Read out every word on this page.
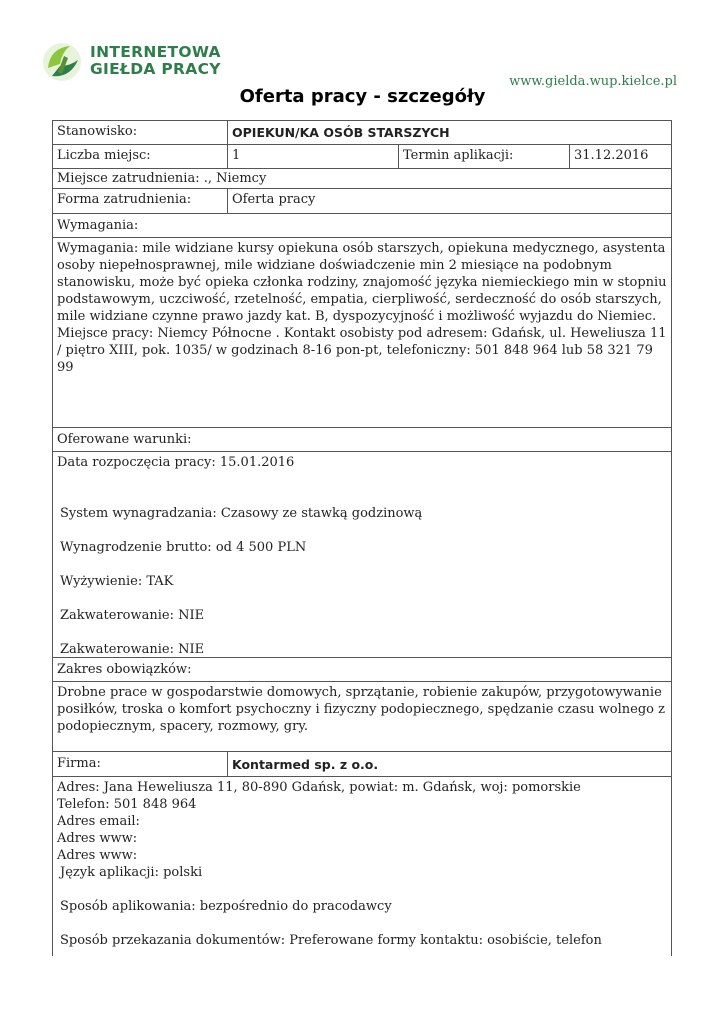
INTERNETOWA
GIEŁDA PRACY
www.gielda.wup.kielce.pl
Oferta pracy - szczegóły
Stanowisko:	OPIEKUN/KA OSÓB STARSZYCH
Liczba miejsc:	1	Termin aplikacji:	31.12.2016
Miejsce zatrudnienia: ., Niemcy
Forma zatrudnienia:	Oferta pracy
Wymagania:
Wymagania: mile widziane kursy opiekuna osób starszych, opiekuna medycznego, asystenta osoby niepełnosprawnej, mile widziane doświadczenie min 2 miesiące na podobnym stanowisku, może być opieka członka rodziny, znajomość języka niemieckiego min w stopniu podstawowym, uczciwość, rzetelność, empatia, cierpliwość, serdeczność do osób starszych, mile widziane czynne prawo jazdy kat. B, dyspozycyjność i możliwość wyjazdu do Niemiec. Miejsce pracy: Niemcy Północne . Kontakt osobisty pod adresem: Gdańsk, ul. Heweliusza 11 / piętro XIII, pok. 1035/ w godzinach 8-16 pon-pt, telefoniczny: 501 848 964 lub 58 321 79 99
Oferowane warunki:

Data rozpoczęcia pracy: 15.01.2016

System wynagradzania: Czasowy ze stawką godzinową

Wynagrodzenie brutto: od 4 500 PLN

Wyżywienie: TAK

Zakwaterowanie: NIE

Zakwaterowanie: NIE

Zakres obowiązków:
Drobne prace w gospodarstwie domowych, sprzątanie, robienie zakupów, przygotowywanie posiłków, troska o komfort psychoczny i fizyczny podopiecznego, spędzanie czasu wolnego z podopiecznym, spacery, rozmowy, gry.
Firma:	Kontarmed sp. z o.o.

Adres: Jana Heweliusza 11, 80-890 Gdańsk, powiat: m. Gdańsk, woj: pomorskie

Telefon: 501 848 964

Adres email:

Adres www:

Adres www:

Język aplikacji: polski

Sposób aplikowania: bezpośrednio do pracodawcy

Sposób przekazania dokumentów: Preferowane formy kontaktu: osobiście, telefon
